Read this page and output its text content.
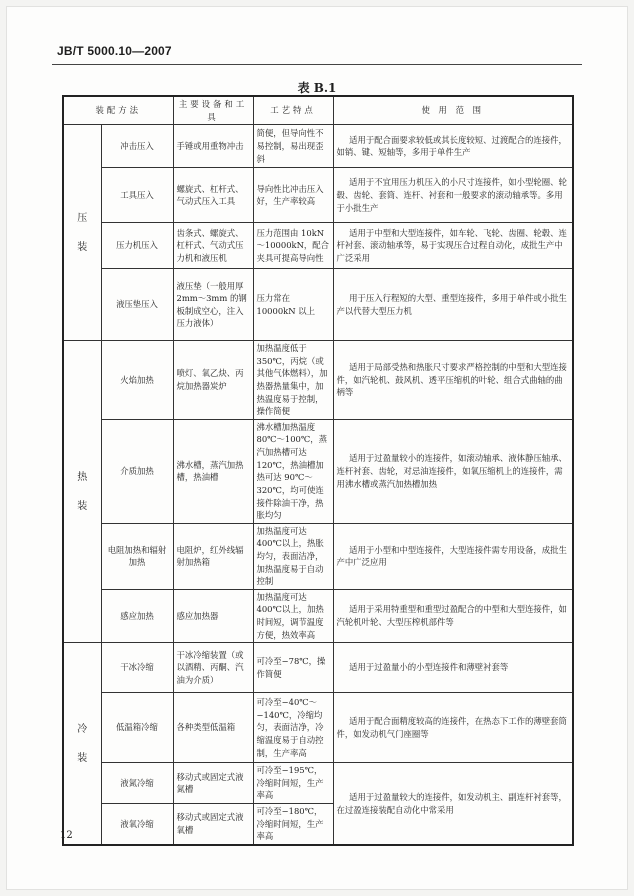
JB/T 5000.10—2007
表 B.1
装配方法		主要设备和工具	工艺特点	使 用 范 围

压
装	冲击压入	手锤或用重物冲击	简便，但导向性不易控制，易出现歪斜	适用于配合面要求较低或其长度较短、过渡配合的连接件，如销、键、短轴等，多用于单件生产
	工具压入	螺旋式、杠杆式、气动式压入工具	导向性比冲击压入好，生产率较高	适用于不宜用压力机压入的小尺寸连接件，如小型轮圈、轮毂、齿轮、套筒、连杆、衬套和一般要求的滚动轴承等。多用于小批生产
	压力机压入	齿条式、螺旋式、杠杆式、气动式压力机和液压机	压力范围由 10kN～10000kN，配合夹具可提高导向性	适用于中型和大型连接件，如车轮、飞轮、齿圈、轮毂、连杆衬套、滚动轴承等，易于实现压合过程自动化，成批生产中广泛采用
	液压垫压入	液压垫（一般用厚 2mm～3mm 的钢板制成空心，注入压力液体）	压力常在 10000kN 以上	用于压入行程短的大型、重型连接件，多用于单件或小批生产以代替大型压力机

热
装	火焰加热	喷灯、氧乙炔、丙烷加热器炭炉	加热温度低于 350℃，丙烷（或其他气体燃料），加热器热量集中，加热温度易于控制，操作简便	适用于局部受热和热胀尺寸要求严格控制的中型和大型连接件，如汽轮机、鼓风机、透平压缩机的叶轮、组合式曲轴的曲柄等
	介质加热	沸水槽，蒸汽加热槽，热油槽	沸水槽加热温度 80℃～100℃，蒸汽加热槽可达 120℃，热油槽加热可达 90℃～320℃，均可使连接件除油干净，热胀均匀	适用于过盈量较小的连接件，如滚动轴承、液体静压轴承、连杆衬套、齿轮，对忌油连接件，如氧压缩机上的连接件，需用沸水槽或蒸汽加热槽加热
	电阻加热和辐射加热	电阻炉，红外线辐射加热箱	加热温度可达 400℃以上，热胀均匀，表面洁净，加热温度易于自动控制	适用于小型和中型连接件，大型连接件需专用设备，成批生产中广泛应用
	感应加热	感应加热器	加热温度可达 400℃以上，加热时间短，调节温度方便，热效率高	适用于采用特重型和重型过盈配合的中型和大型连接件，如汽轮机叶轮、大型压榨机部件等

冷
装	干冰冷缩	干冰冷缩装置（或以酒精、丙酮、汽油为介质）	可冷至−78℃，操作简便	适用于过盈量小的小型连接件和薄壁衬套等
	低温箱冷缩	各种类型低温箱	可冷至−40℃～−140℃，冷缩均匀，表面洁净，冷缩温度易于自动控制，生产率高	适用于配合面精度较高的连接件，在热态下工作的薄壁套筒件，如发动机气门座圈等
	液氮冷缩	移动式或固定式液氮槽	可冷至−195℃，冷缩时间短，生产率高	适用于过盈量较大的连接件，如发动机主、副连杆衬套等，在过盈连接装配自动化中常采用
	液氧冷缩	移动式或固定式液氧槽	可冷至−180℃，冷缩时间短，生产率高	
12
